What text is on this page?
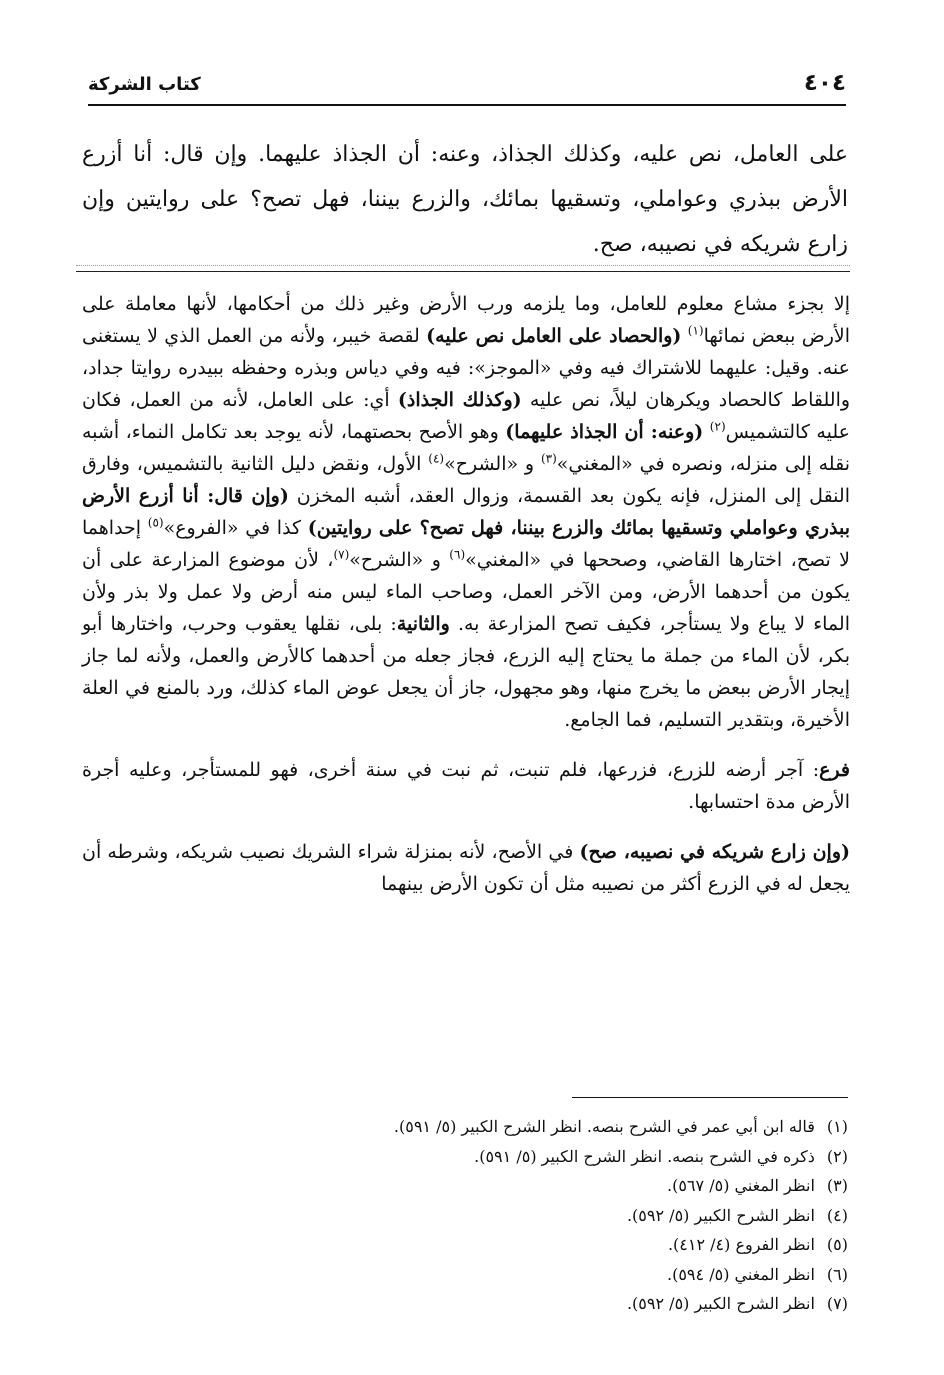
٤٠٤
كتاب الشركة

على العامل، نص عليه، وكذلك الجذاذ، وعنه: أن الجذاذ عليهما. وإن قال: أنا أزرع الأرض ببذري وعواملي، وتسقيها بمائك، والزرع بيننا، فهل تصح؟ على روايتين وإن زارع شريكه في نصيبه، صح.

إلا بجزء مشاع معلوم للعامل، وما يلزمه ورب الأرض وغير ذلك من أحكامها، لأنها معاملة على الأرض ببعض نمائها$^{(١)}$ (والحصاد على العامل نص عليه) لقصة خيبر، ولأنه من العمل الذي لا يستغنى عنه. وقيل: عليهما للاشتراك فيه وفي «الموجز»: فيه وفي دياس وبذره وحفظه ببيدره روايتا جداد، واللقاط كالحصاد ويكرهان ليلاً، نص عليه (وكذلك الجذاذ) أي: على العامل، لأنه من العمل، فكان عليه كالتشميس$^{(٢)}$ (وعنه: أن الجذاذ عليهما) وهو الأصح بحصتهما، لأنه يوجد بعد تكامل النماء، أشبه نقله إلى منزله، ونصره في «المغني»$^{(٣)}$ و «الشرح»$^{(٤)}$ الأول، ونقض دليل الثانية بالتشميس، وفارق النقل إلى المنزل، فإنه يكون بعد القسمة، وزوال العقد، أشبه المخزن (وإن قال: أنا أزرع الأرض ببذري وعواملي وتسقيها بمائك والزرع بيننا، فهل تصح؟ على روايتين) كذا في «الفروع»$^{(٥)}$ إحداهما لا تصح، اختارها القاضي، وصححها في «المغني»$^{(٦)}$ و «الشرح»$^{(٧)}$، لأن موضوع المزارعة على أن يكون من أحدهما الأرض، ومن الآخر العمل، وصاحب الماء ليس منه أرض ولا عمل ولا بذر ولأن الماء لا يباع ولا يستأجر، فكيف تصح المزارعة به. والثانية: بلى، نقلها يعقوب وحرب، واختارها أبو بكر، لأن الماء من جملة ما يحتاج إليه الزرع، فجاز جعله من أحدهما كالأرض والعمل، ولأنه لما جاز إيجار الأرض ببعض ما يخرج منها، وهو مجهول، جاز أن يجعل عوض الماء كذلك، ورد بالمنع في العلة الأخيرة، وبتقدير التسليم، فما الجامع.

فرع: آجر أرضه للزرع، فزرعها، فلم تنبت، ثم نبت في سنة أخرى، فهو للمستأجر، وعليه أجرة الأرض مدة احتسابها.

(وإن زارع شريكه في نصيبه، صح) في الأصح، لأنه بمنزلة شراء الشريك نصيب شريكه، وشرطه أن يجعل له في الزرع أكثر من نصيبه مثل أن تكون الأرض بينهما

(١)قاله ابن أبي عمر في الشرح بنصه. انظر الشرح الكبير (٥/ ٥٩١).
(٢)ذكره في الشرح بنصه. انظر الشرح الكبير (٥/ ٥٩١).
(٣)انظر المغني (٥/ ٥٦٧).
(٤)انظر الشرح الكبير (٥/ ٥٩٢).
(٥)انظر الفروع (٤/ ٤١٢).
(٦)انظر المغني (٥/ ٥٩٤).
(٧)انظر الشرح الكبير (٥/ ٥٩٢).
